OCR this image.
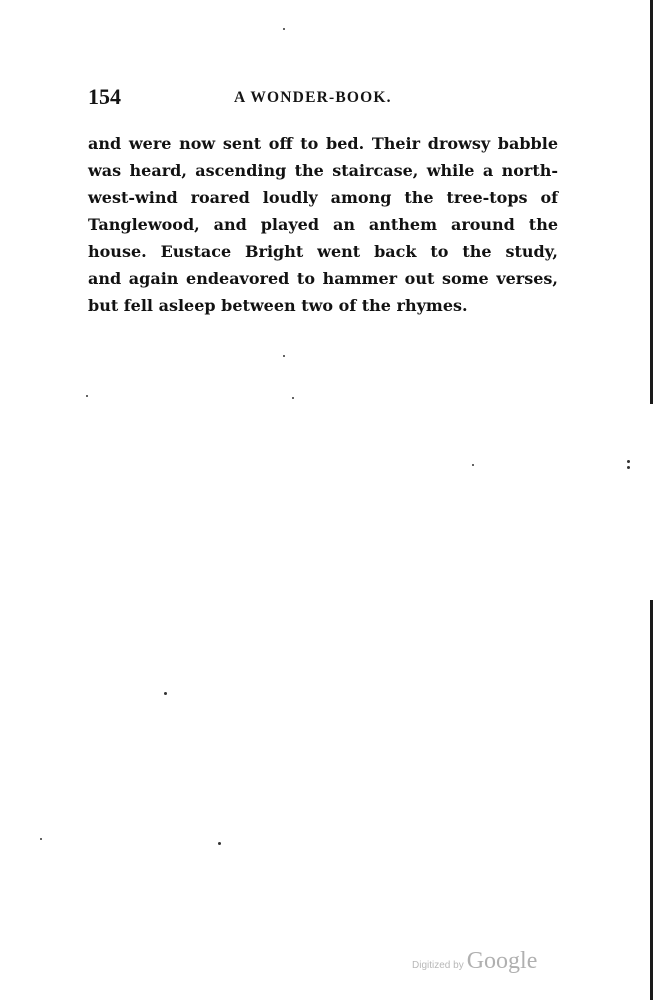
154	A WONDER-BOOK.
and were now sent off to bed. Their drowsy babble
was heard, ascending the staircase, while a north-
west-wind roared loudly among the tree-tops of
Tanglewood, and played an anthem around the
house. Eustace Bright went back to the study,
and again endeavored to hammer out some verses,
but fell asleep between two of the rhymes.
Digitized by Google
